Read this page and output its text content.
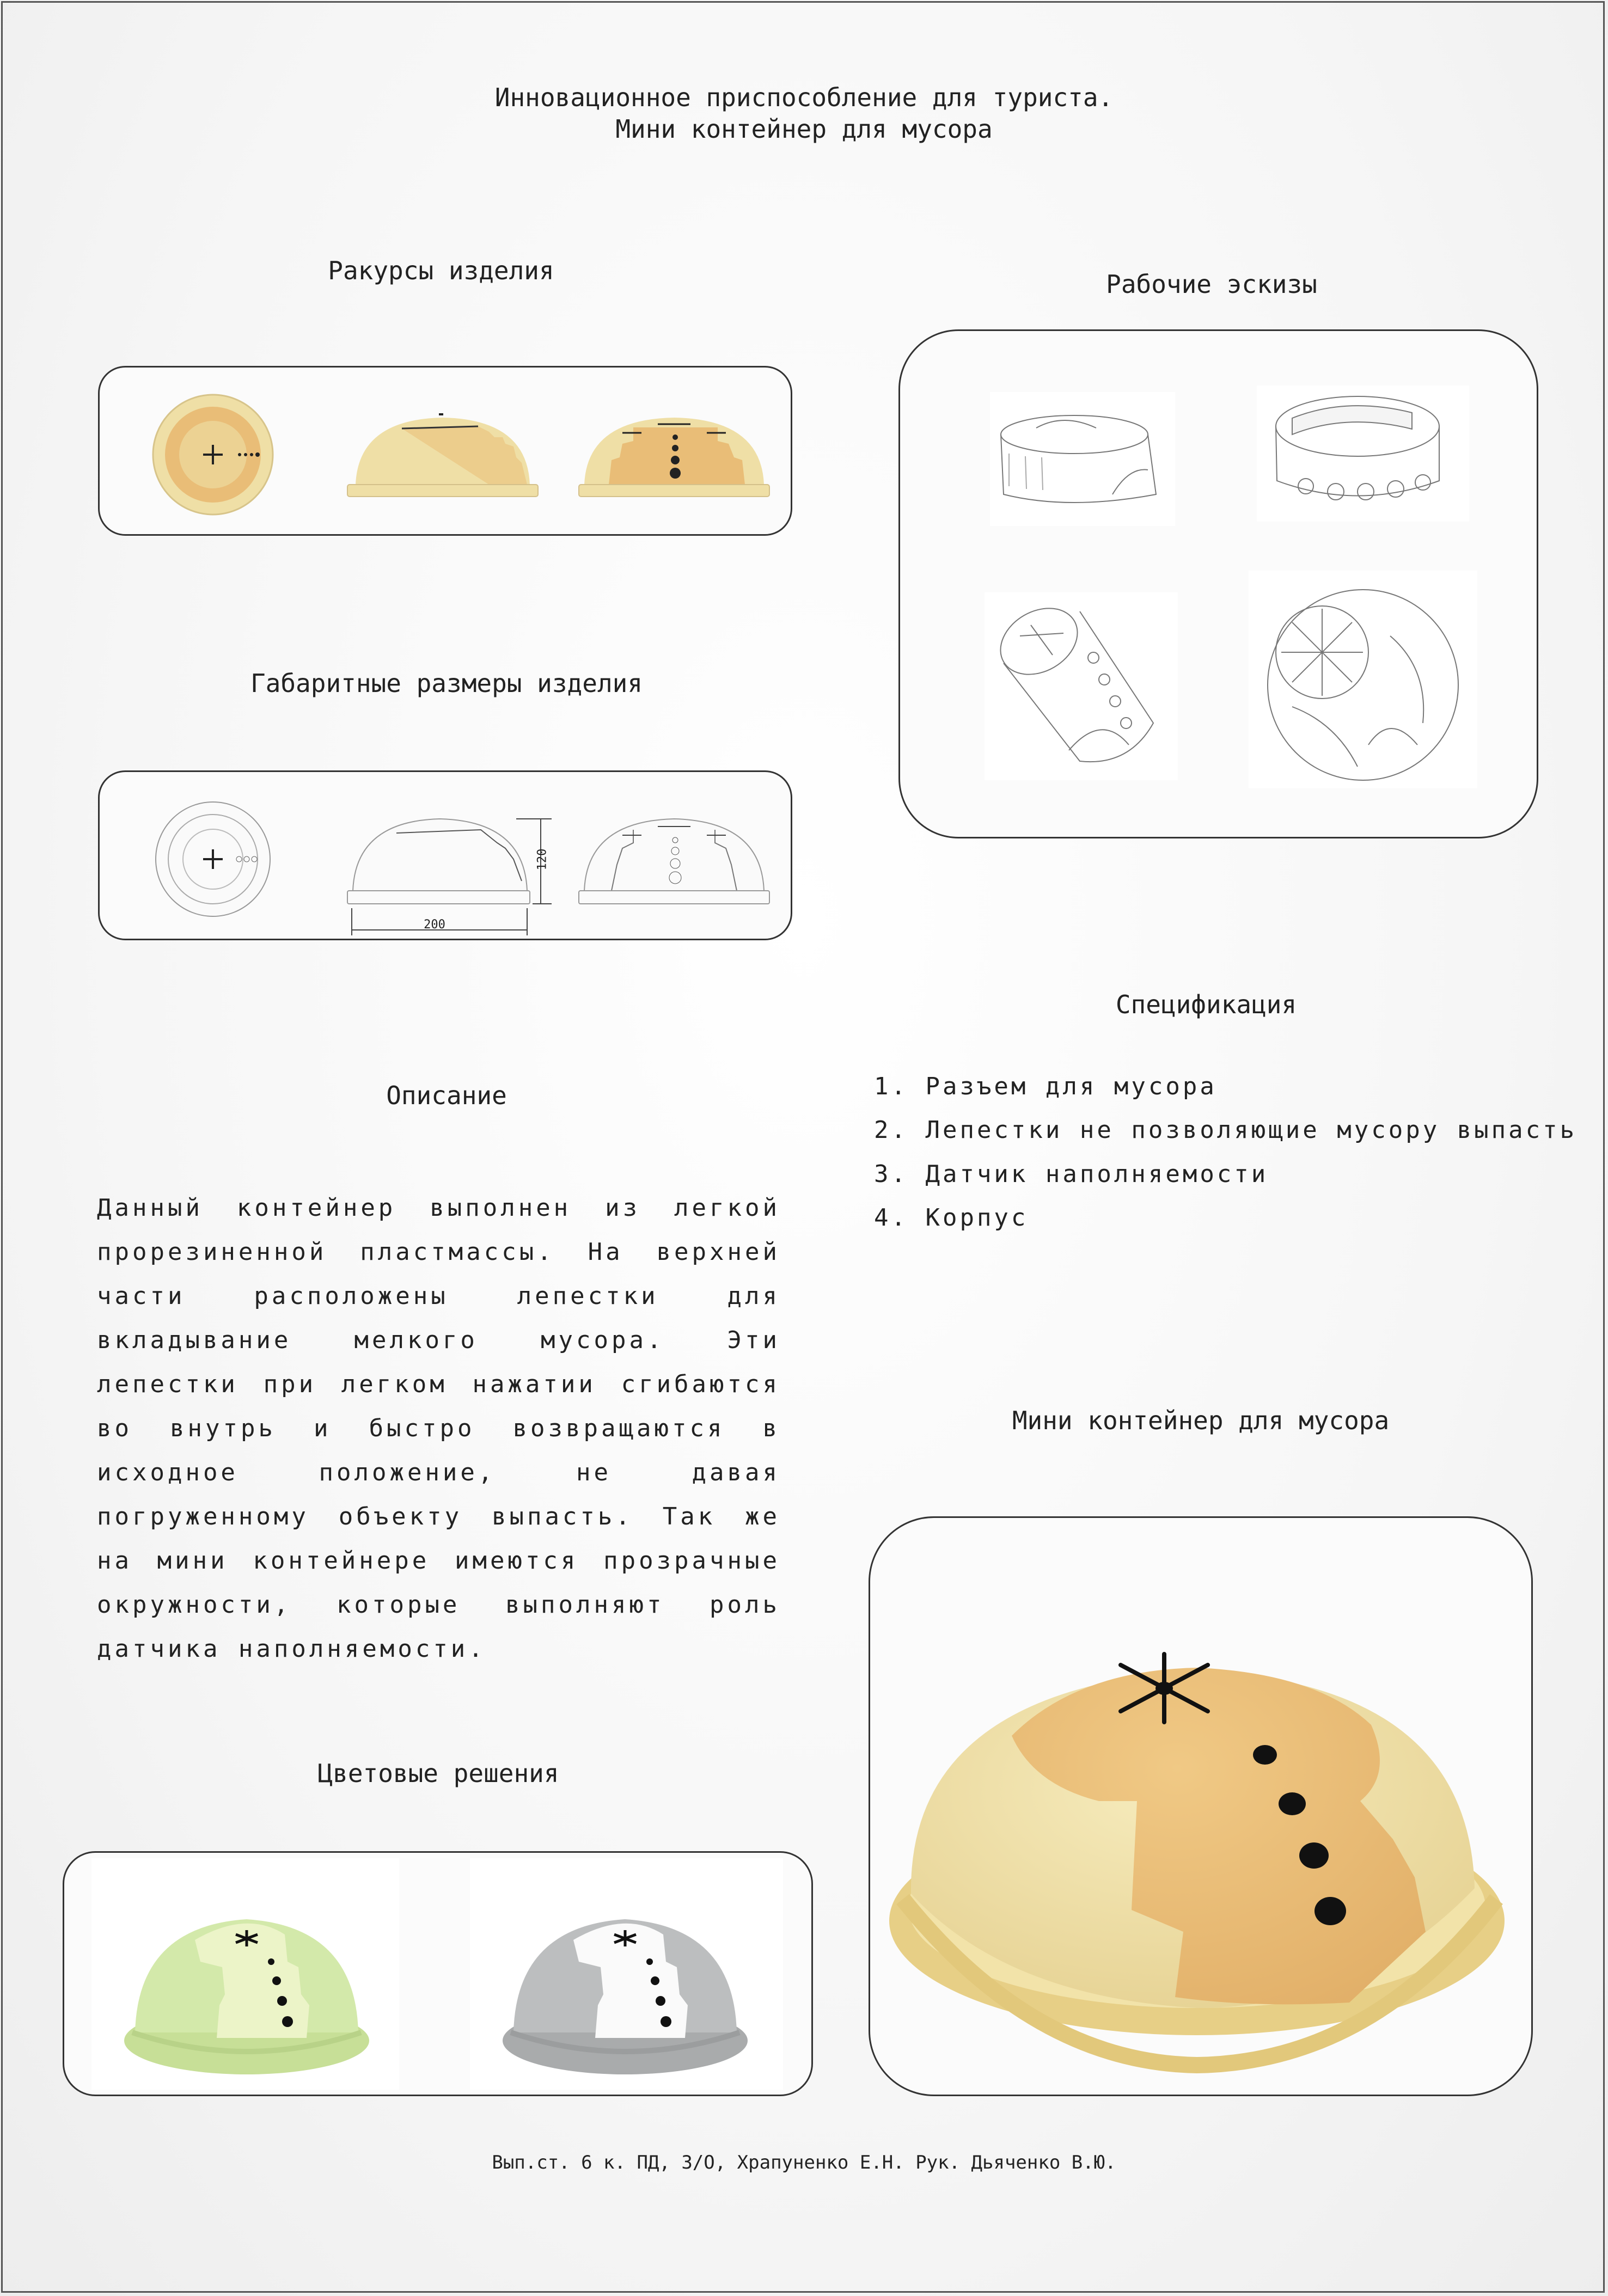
Инновационное приспособление для туриста.
Мини контейнер для мусора
Ракурсы изделия	Рабочие эскизы
Габаритные размеры изделия
Спецификация
Описание
Цветовые решения
Мини контейнер для мусора
200
120
1. Разъем для мусора
2. Лепестки не позволяющие мусору выпасть
3. Датчик наполняемости
4. Корпус
Данный контейнер выполнен из легкой прорезиненной пластмассы. На верхней части расположены лепестки для вкладывание мелкого мусора. Эти лепестки при легком нажатии сгибаются во внутрь и быстро возвращаются в исходное положение, не давая погруженному объекту выпасть. Так же на мини контейнере имеются прозрачные окружности, которые выполняют роль датчика наполняемости.
Вып.ст. 6 к. ПД, З/О, Храпуненко Е.Н. Рук. Дьяченко В.Ю.
